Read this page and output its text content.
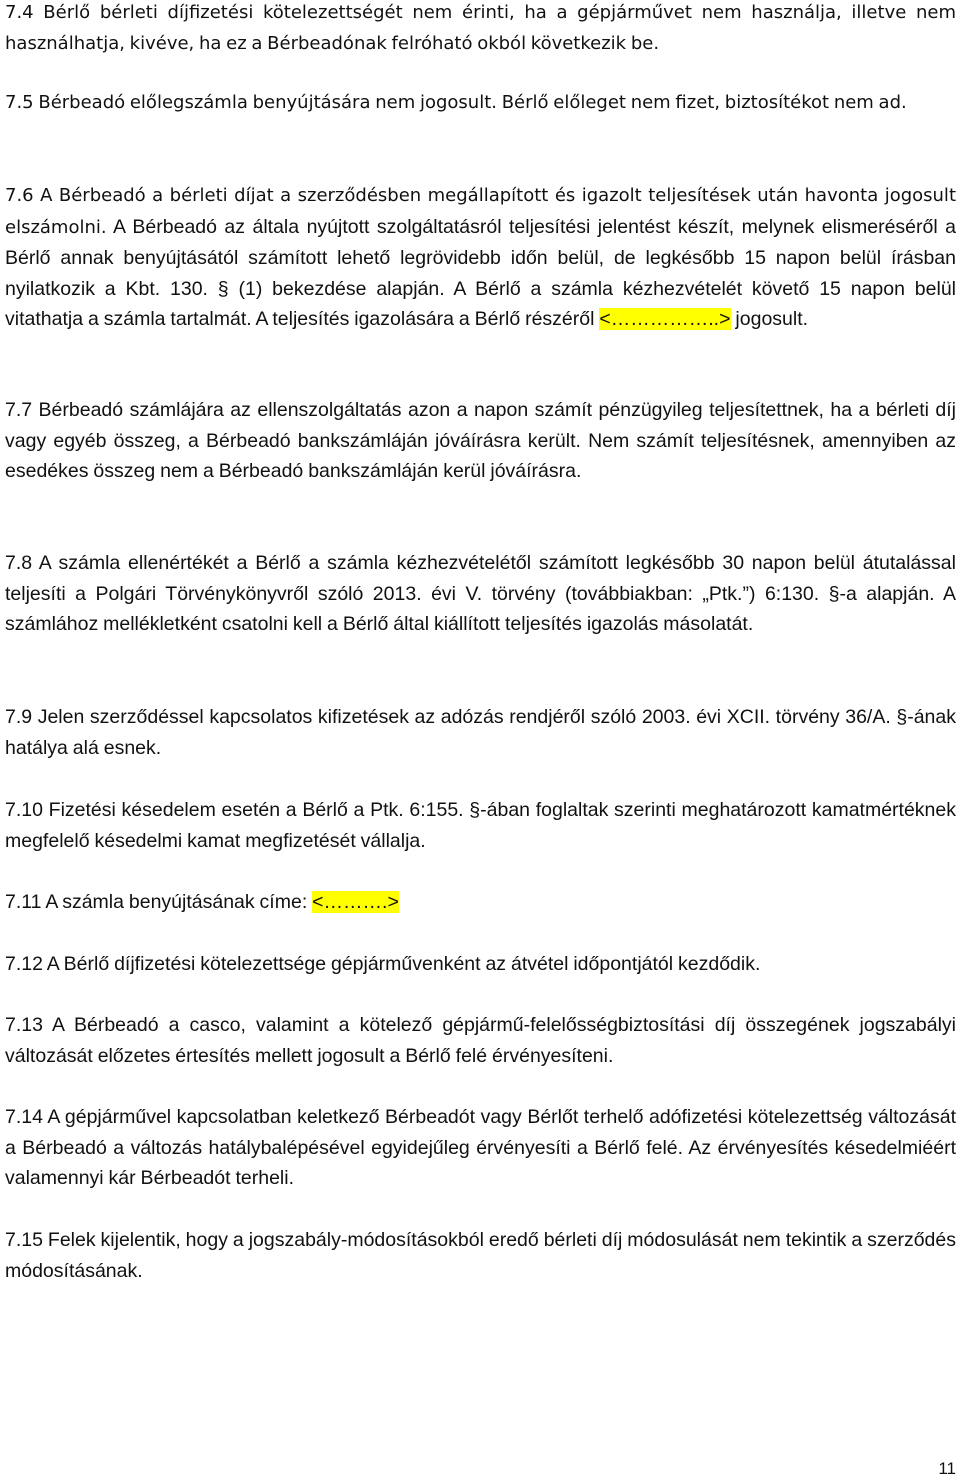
7.4 Bérlő bérleti díjfizetési kötelezettségét nem érinti, ha a gépjárművet nem használja, illetve nem használhatja, kivéve, ha ez a Bérbeadónak felróható okból következik be.

7.5 Bérbeadó előlegszámla benyújtására nem jogosult. Bérlő előleget nem fizet, biztosítékot nem ad.

7.6 A Bérbeadó a bérleti díjat a szerződésben megállapított és igazolt teljesítések után havonta jogosult elszámolni. A Bérbeadó az általa nyújtott szolgáltatásról teljesítési jelentést készít, melynek elismeréséről a Bérlő annak benyújtásától számított lehető legrövidebb időn belül, de legkésőbb 15 napon belül írásban nyilatkozik a Kbt. 130. § (1) bekezdése alapján. A Bérlő a számla kézhezvételét követő 15 napon belül vitathatja a számla tartalmát. A teljesítés igazolására a Bérlő részéről <……………..> jogosult.

7.7 Bérbeadó számlájára az ellenszolgáltatás azon a napon számít pénzügyileg teljesítettnek, ha a bérleti díj vagy egyéb összeg, a Bérbeadó bankszámláján jóváírásra került. Nem számít teljesítésnek, amennyiben az esedékes összeg nem a Bérbeadó bankszámláján kerül jóváírásra.

7.8 A számla ellenértékét a Bérlő a számla kézhezvételétől számított legkésőbb 30 napon belül átutalással teljesíti a Polgári Törvénykönyvről szóló 2013. évi V. törvény (továbbiakban: „Ptk.”) 6:130. §-a alapján. A számlához mellékletként csatolni kell a Bérlő által kiállított teljesítés igazolás másolatát.

7.9 Jelen szerződéssel kapcsolatos kifizetések az adózás rendjéről szóló 2003. évi XCII. törvény 36/A. §-ának hatálya alá esnek.

7.10 Fizetési késedelem esetén a Bérlő a Ptk. 6:155. §-ában foglaltak szerinti meghatározott kamatmértéknek megfelelő késedelmi kamat megfizetését vállalja.

7.11 A számla benyújtásának címe: <……….>

7.12 A Bérlő díjfizetési kötelezettsége gépjárművenként az átvétel időpontjától kezdődik.

7.13 A Bérbeadó a casco, valamint a kötelező gépjármű-felelősségbiztosítási díj összegének jogszabályi változását előzetes értesítés mellett jogosult a Bérlő felé érvényesíteni.

7.14 A gépjárművel kapcsolatban keletkező Bérbeadót vagy Bérlőt terhelő adófizetési kötelezettség változását a Bérbeadó a változás hatálybalépésével egyidejűleg érvényesíti a Bérlő felé. Az érvényesítés késedelmiéért valamennyi kár Bérbeadót terheli.

7.15 Felek kijelentik, hogy a jogszabály-módosításokból eredő bérleti díj módosulását nem tekintik a szerződés módosításának.

11
